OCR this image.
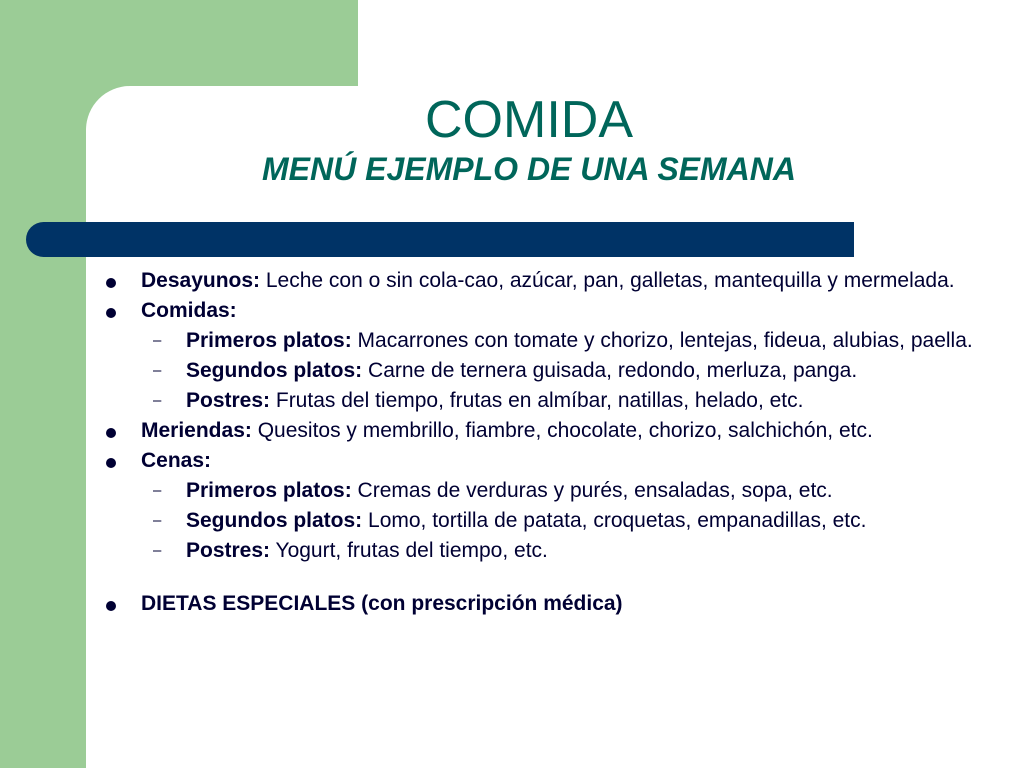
COMIDA
MENÚ EJEMPLO DE UNA SEMANA
Desayunos: Leche con o sin cola-cao, azúcar, pan, galletas, mantequilla y mermelada.
Comidas:
– Primeros platos: Macarrones con tomate y chorizo, lentejas, fideua, alubias, paella.
– Segundos platos: Carne de ternera guisada, redondo, merluza, panga.
– Postres: Frutas del tiempo, frutas en almíbar, natillas, helado, etc.
Meriendas: Quesitos y membrillo, fiambre, chocolate, chorizo, salchichón, etc.
Cenas:
– Primeros platos: Cremas de verduras y purés, ensaladas, sopa, etc.
– Segundos platos: Lomo, tortilla de patata, croquetas, empanadillas, etc.
– Postres: Yogurt, frutas del tiempo, etc.
DIETAS ESPECIALES (con prescripción médica)
